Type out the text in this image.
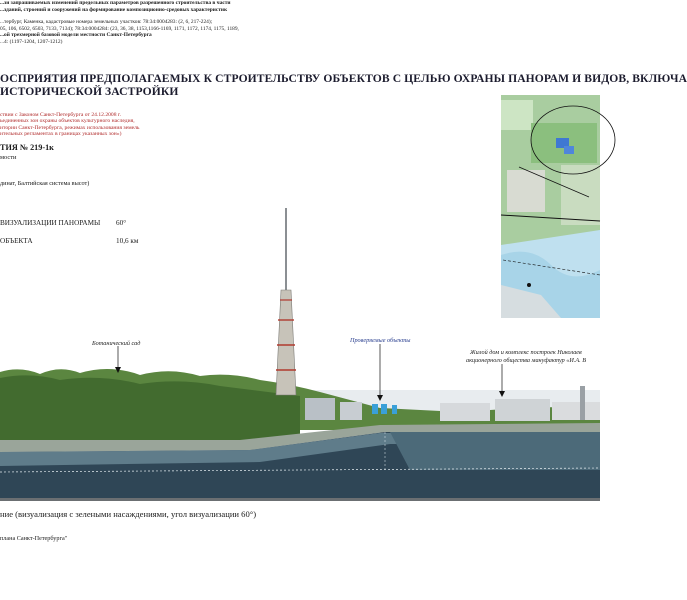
...зи запрашиваемых изменений предельных параметров разрешенного строительства в части
...зданий, строений и сооружений на формирование композиционно-средовых характеристик
...тербург, Каменка, кадастровые номера земельных участков: 78:34:0004283: (2, 6, 217-224);
05, 106, 6502, 6503, 7133, 7134); 78:34:0004284: (23, 36, 38, 1153,1166-1169, 1171, 1172, 1174, 1175, 1189,
...ой трехмерной базовой модели местности Санкт-Петербурга
...4: (1197-1204, 1207-1212)
ОСПРИЯТИЯ ПРЕДПОЛАГАЕМЫХ К СТРОИТЕЛЬСТВУ ОБЪЕКТОВ С ЦЕЛЬЮ ОХРАНЫ ПАНОРАМ И ВИДОВ, ВКЛЮЧА
ИСТОРИЧЕСКОЙ ЗАСТРОЙКИ
ствии с Законом Санкт-Петербурга от 24.12.2008 г.
ьединенных зон охраны объектов культурного наследия,
итории Санкт-Петербурга, режимах использования земель
ительных регламентах в границах указанных зон»)
ТИЯ № 219-1к
мости
динат, Балтийская система высот)
ВИЗУАЛИЗАЦИИ ПАНОРАМЫ 60°
ОБЪЕКТА	10,6 км
Ботанический сад	Проверяемые объекты
Жилой дом и комплекс построек Николаев
акционерного общества мануфактур «И.А. В
ние (визуализация с зелеными насаждениями, угол визуализации 60°)
плана Санкт-Петербурга"
